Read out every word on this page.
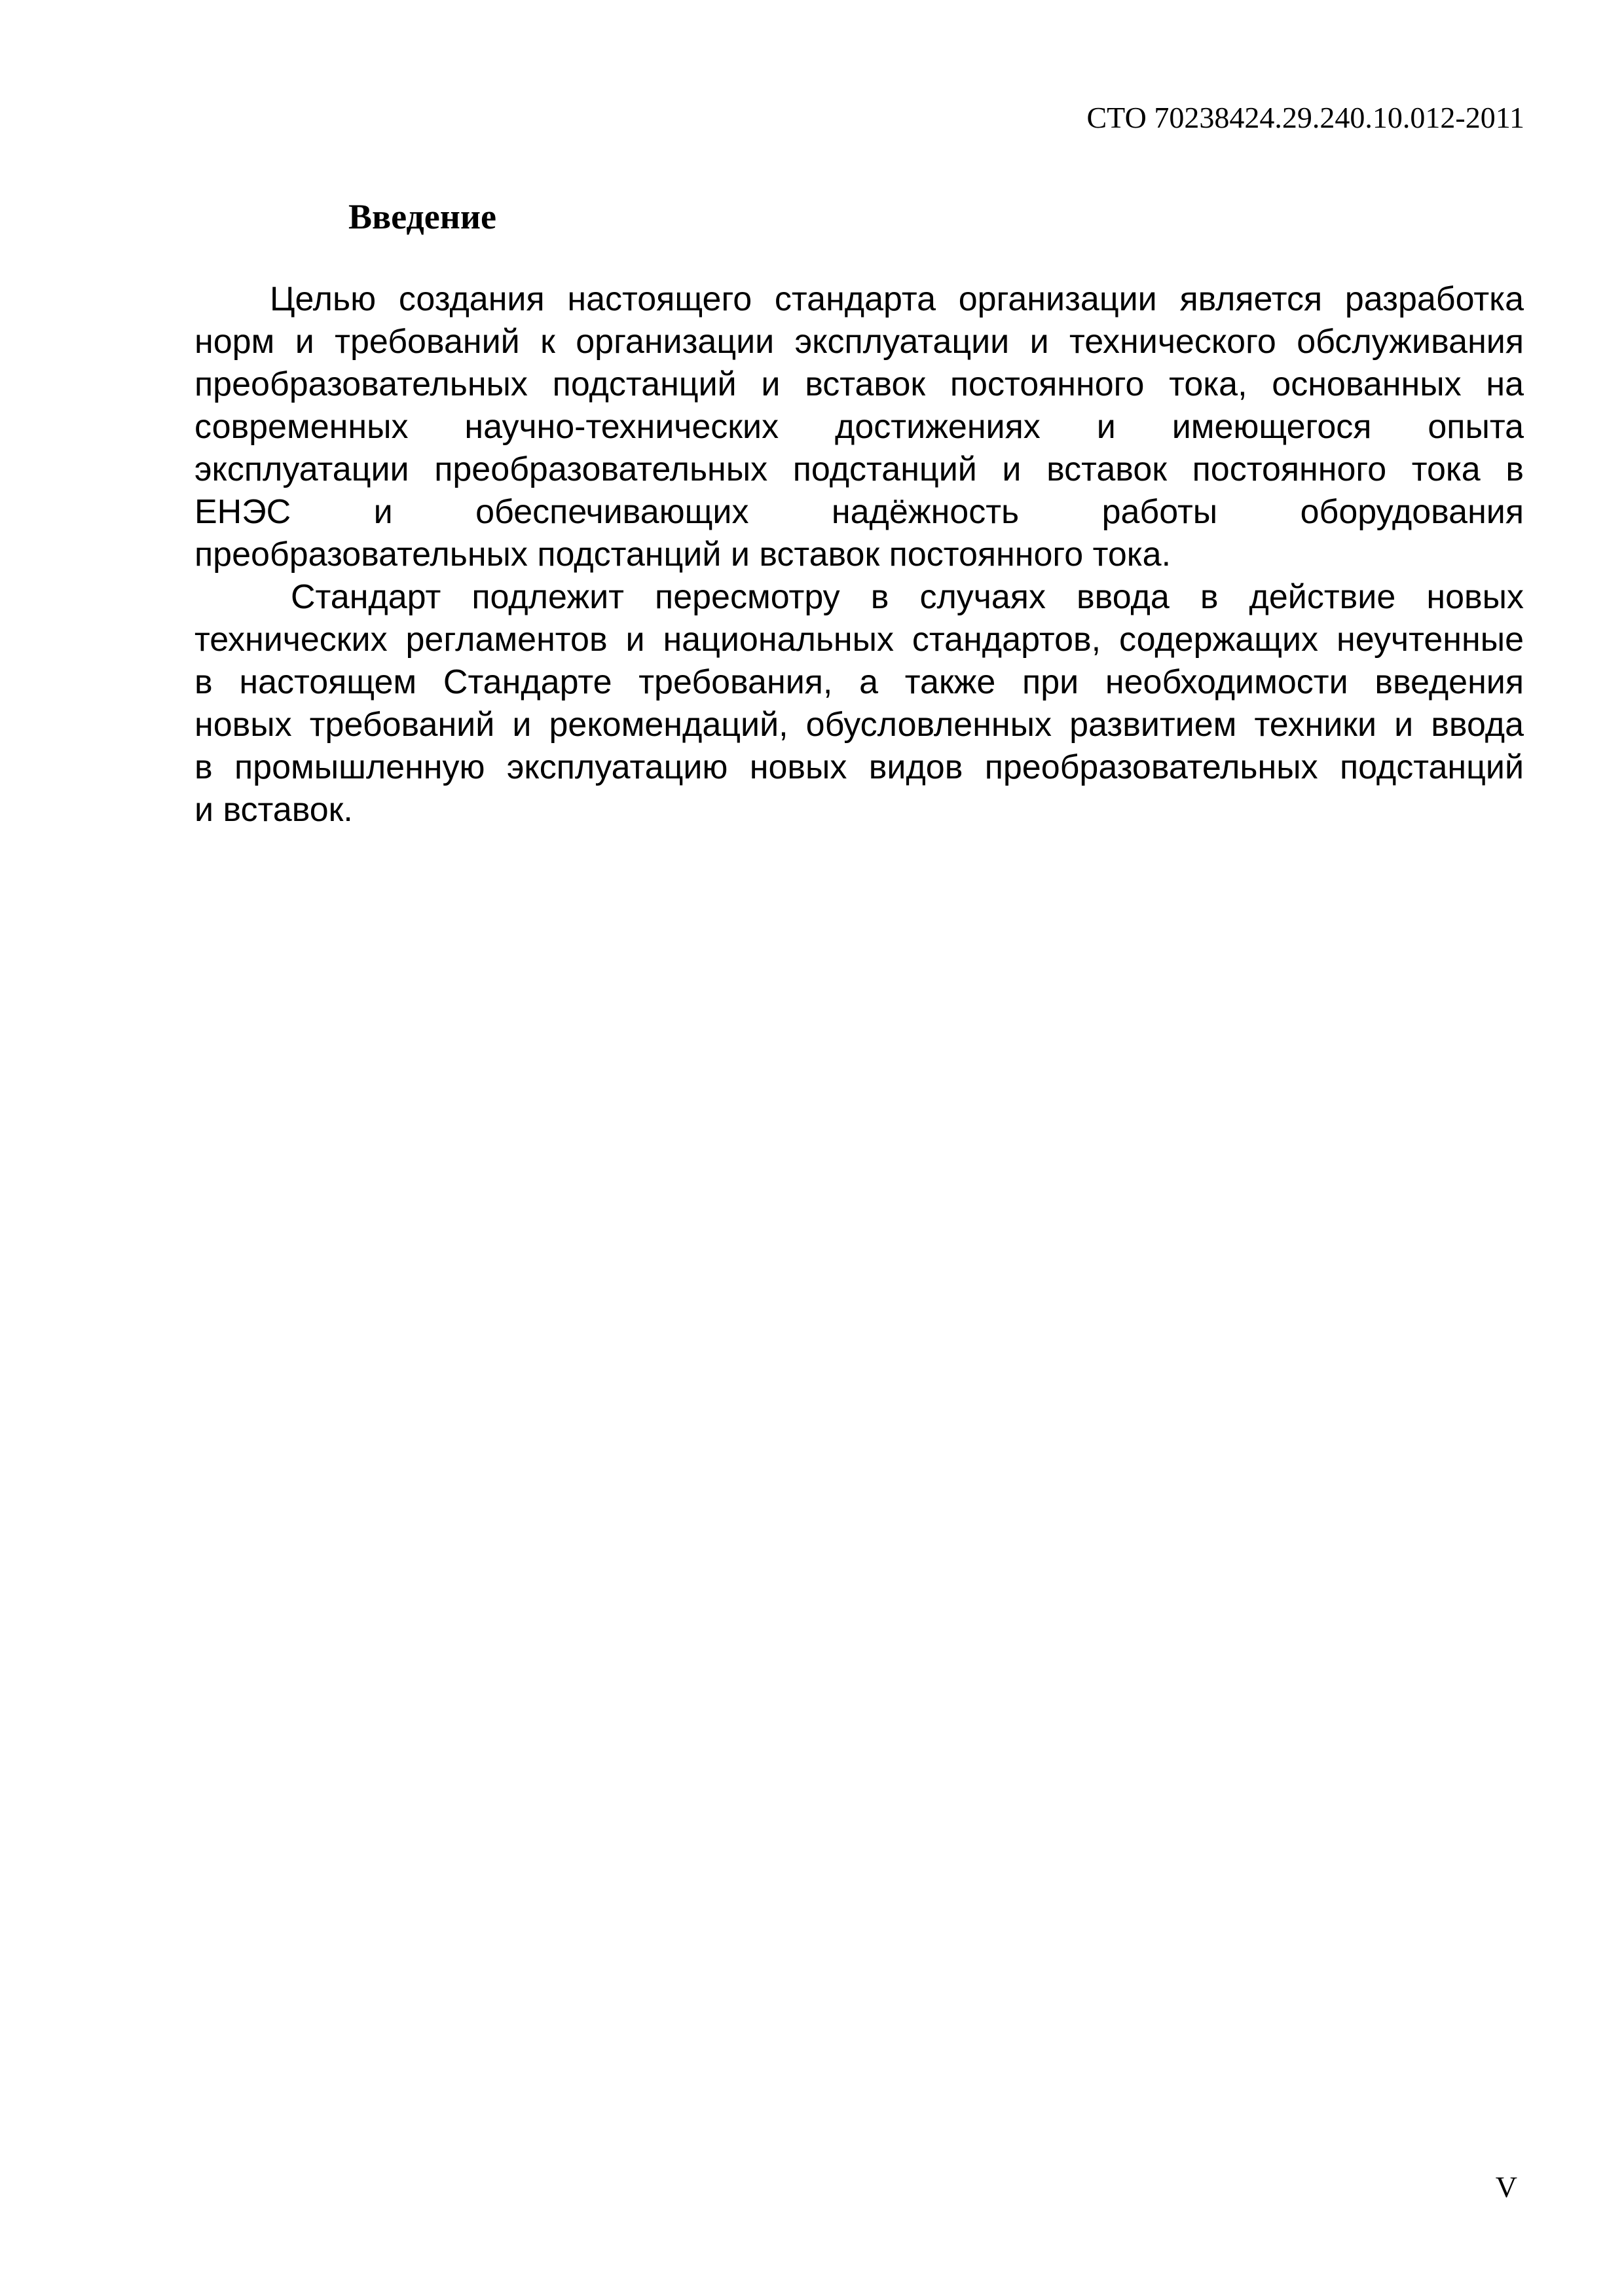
СТО 70238424.29.240.10.012-2011
Введение
Целью создания настоящего стандарта организации является разработка
норм и требований к организации эксплуатации и технического обслуживания
преобразовательных подстанций и вставок постоянного тока, основанных на
современных научно-технических достижениях и имеющегося опыта
эксплуатации преобразовательных подстанций и вставок постоянного тока в
ЕНЭС и обеспечивающих надёжность работы оборудования
преобразовательных подстанций и вставок постоянного тока.
Стандарт подлежит пересмотру в случаях ввода в действие новых
технических регламентов и национальных стандартов, содержащих неучтенные
в настоящем Стандарте требования, а также при необходимости введения
новых требований и рекомендаций, обусловленных развитием техники и ввода
в промышленную эксплуатацию новых видов преобразовательных подстанций
и вставок.
V
